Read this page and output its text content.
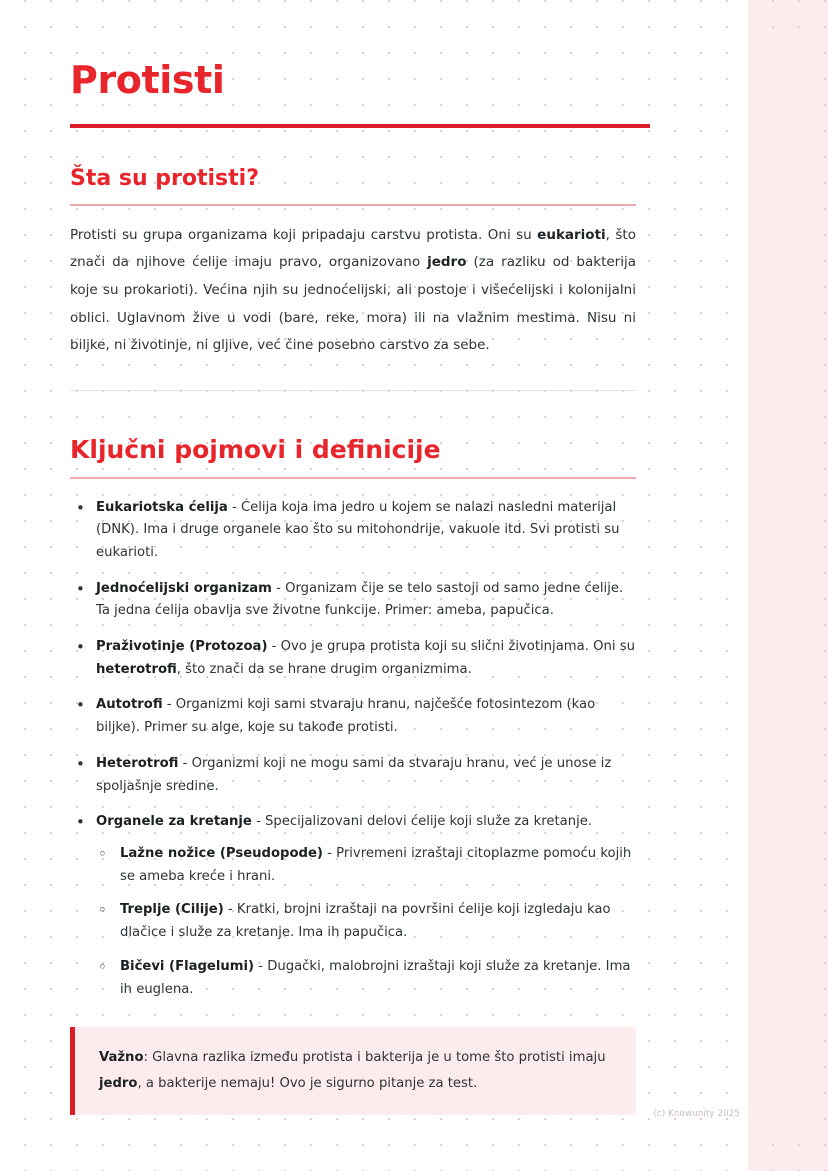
Protisti
Šta su protisti?

Protisti su grupa organizama koji pripadaju carstvu protista. Oni su eukarioti, što znači da njihove ćelije imaju pravo, organizovano jedro (za razliku od bakterija koje su prokarioti). Većina njih su jednoćelijski, ali postoje i višećelijski i kolonijalni oblici. Uglavnom žive u vodi (bare, reke, mora) ili na vlažnim mestima. Nisu ni biljke, ni životinje, ni gljive, već čine posebno carstvo za sebe.

Ključni pojmovi i definicije
• Eukariotska ćelija - Ćelija koja ima jedro u kojem se nalazi nasledni materijal (DNK). Ima i druge organele kao što su mitohondrije, vakuole itd. Svi protisti su eukarioti.
• Jednoćelijski organizam - Organizam čije se telo sastoji od samo jedne ćelije. Ta jedna ćelija obavlja sve životne funkcije. Primer: ameba, papučica.
• Praživotinje (Protozoa) - Ovo je grupa protista koji su slični životinjama. Oni su heterotrofi, što znači da se hrane drugim organizmima.
• Autotrofi - Organizmi koji sami stvaraju hranu, najčešće fotosintezom (kao biljke). Primer su alge, koje su takođe protisti.
• Heterotrofi - Organizmi koji ne mogu sami da stvaraju hranu, već je unose iz spoljašnje sredine.
• Organele za kretanje - Specijalizovani delovi ćelije koji služe za kretanje.
◦ Lažne nožice (Pseudopode) - Privremeni izraštaji citoplazme pomoću kojih se ameba kreće i hrani.
◦ Treplje (Cilije) - Kratki, brojni izraštaji na površini ćelije koji izgledaju kao dlačice i služe za kretanje. Ima ih papučica.
◦ Bičevi (Flagelumi) - Dugački, malobrojni izraštaji koji služe za kretanje. Ima ih euglena.

Važno: Glavna razlika između protista i bakterija je u tome što protisti imaju jedro, a bakterije nemaju! Ovo je sigurno pitanje za test.

(c) Knowunity 2025
